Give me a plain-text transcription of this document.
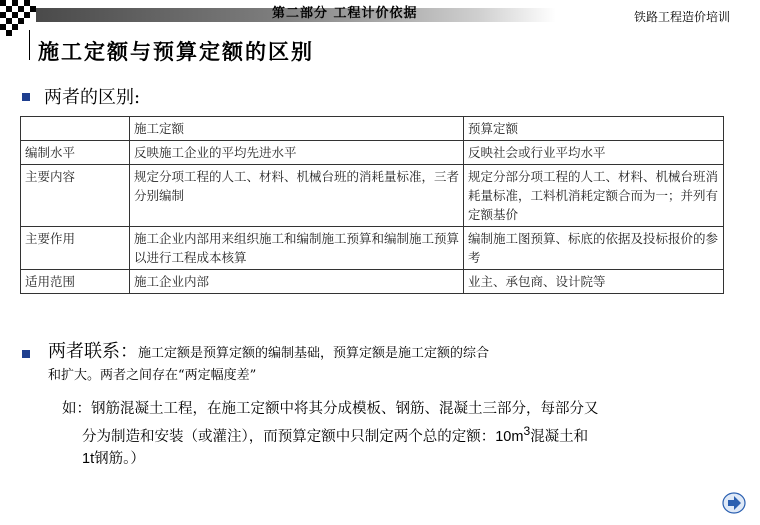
第二部分 工程计价依据	铁路工程造价培训
施工定额与预算定额的区别
两者的区别:
	施工定额	预算定额
编制水平	反映施工企业的平均先进水平	反映社会或行业平均水平
主要内容	规定分项工程的人工、材料、机械台班的消耗量标准，三者分别编制	规定分部分项工程的人工、材料、机械台班消耗量标准，工料机消耗定额合而为一；并列有定额基价
主要作用	施工企业内部用来组织施工和编制施工预算和编制施工预算以进行工程成本核算	编制施工图预算、标底的依据及投标报价的参考
适用范围	施工企业内部	业主、承包商、设计院等
两者联系：施工定额是预算定额的编制基础，预算定额是施工定额的综合
和扩大。两者之间存在“两定幅度差”
如：钢筋混凝土工程，在施工定额中将其分成模板、钢筋、混凝土三部分，每部分又
分为制造和安装（或灌注），而预算定额中只制定两个总的定额：$10m^3$混凝土和
1t钢筋。）
